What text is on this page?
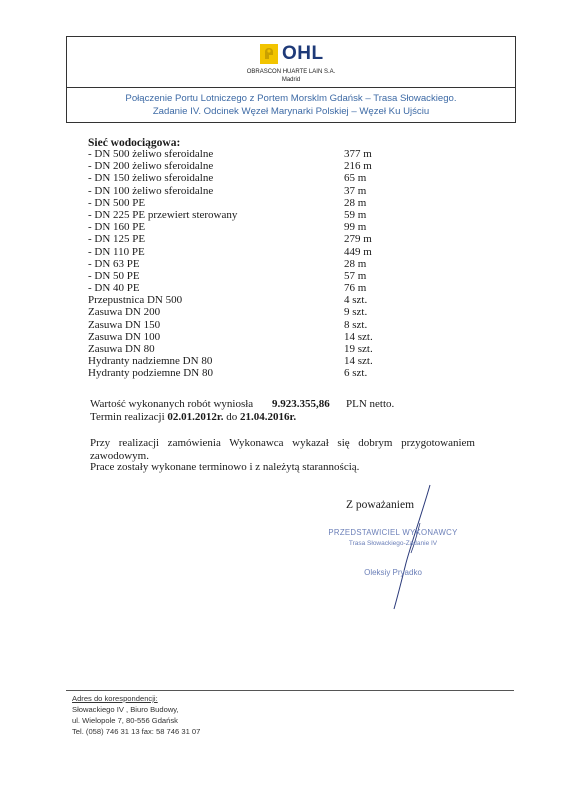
OHL
OBRASCON HUARTE LAIN S.A.
Madrid
Połączenie Portu Lotniczego z Portem Morsklm Gdańsk – Trasa Słowackiego.
Zadanie IV. Odcinek Węzeł Marynarki Polskiej – Węzeł Ku Ujściu
Sieć wodociągowa:
- DN 500 żeliwo sferoidalne	377 m
- DN 200 żeliwo sferoidalne	216 m
- DN 150 żeliwo sferoidalne	65 m
- DN 100 żeliwo sferoidalne	37 m
- DN 500 PE	28 m
- DN 225 PE przewiert sterowany	59 m
- DN 160 PE	99 m
- DN 125 PE	279 m
- DN 110 PE	449 m
- DN 63 PE	28 m
- DN 50 PE	57 m
- DN 40 PE	76 m
Przepustnica DN 500	4 szt.
Zasuwa DN 200	9 szt.
Zasuwa DN 150	8 szt.
Zasuwa DN 100	14 szt.
Zasuwa DN 80	19 szt.
Hydranty nadziemne DN 80	14 szt.
Hydranty podziemne DN 80	6 szt.
Wartość wykonanych robót wyniosła 9.923.355,86 PLN netto.
Termin realizacji 02.01.2012r. do 21.04.2016r.
Przy realizacji zamówienia Wykonawca wykazał się dobrym przygotowaniem zawodowym.
Prace zostały wykonane terminowo i z należytą starannością.
Z poważaniem
PRZEDSTAWICIEL WYKONAWCY
Trasa Słowackiego-Zadanie IV
Oleksiy Pryadko
Adres do korespondencji:
Słowackiego IV , Biuro Budowy,
ul. Wielopole 7, 80-556 Gdańsk
Tel. (058) 746 31 13 fax: 58 746 31 07
